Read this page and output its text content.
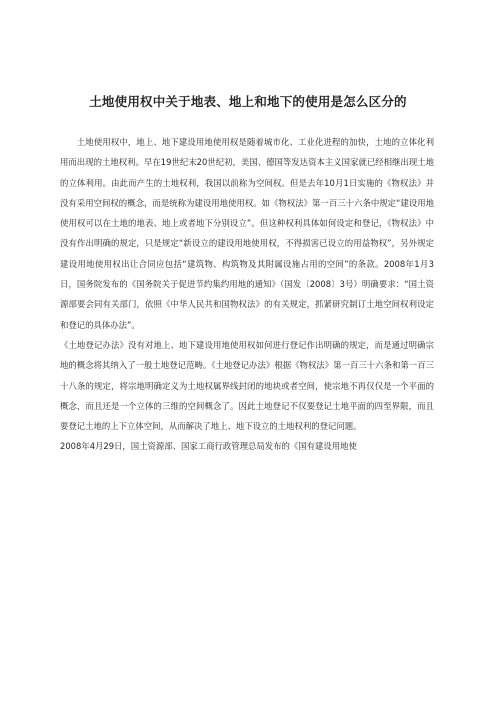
土地使用权中关于地表、地上和地下的使用是怎么区分的

土地使用权中，地上、地下建设用地使用权是随着城市化、工业化进程的加快，土地的立体化利用而出现的土地权利。早在19世纪末20世纪初，美国、德国等发达资本主义国家就已经相继出现土地的立体利用。由此而产生的土地权利，我国以前称为空间权。但是去年10月1日实施的《物权法》并没有采用空间权的概念，而是统称为建设用地使用权。如《物权法》第一百三十六条中规定“建设用地使用权可以在土地的地表、地上或者地下分别设立”。但这种权利具体如何设定和登记，《物权法》中没有作出明确的规定，只是规定“新设立的建设用地使用权，不得损害已设立的用益物权”，另外规定建设用地使用权出让合同应包括“建筑物、构筑物及其附属设施占用的空间”的条款。2008年1月3日，国务院发布的《国务院关于促进节约集约用地的通知》（国发〔2008〕3号）明确要求：“国土资源部要会同有关部门，依照《中华人民共和国物权法》的有关规定，抓紧研究制订土地空间权利设定和登记的具体办法”。

《土地登记办法》没有对地上、地下建设用地使用权如何进行登记作出明确的规定，而是通过明确宗地的概念将其纳入了一般土地登记范畴。《土地登记办法》根据《物权法》第一百三十六条和第一百三十八条的规定，将宗地明确定义为土地权属界线封闭的地块或者空间，使宗地不再仅仅是一个平面的概念，而且还是一个立体的三维的空间概念了。因此土地登记不仅要登记土地平面的四至界限，而且要登记土地的上下立体空间，从而解决了地上、地下设立的土地权利的登记问题。

2008年4月29日，国土资源部、国家工商行政管理总局发布的《国有建设用地使
